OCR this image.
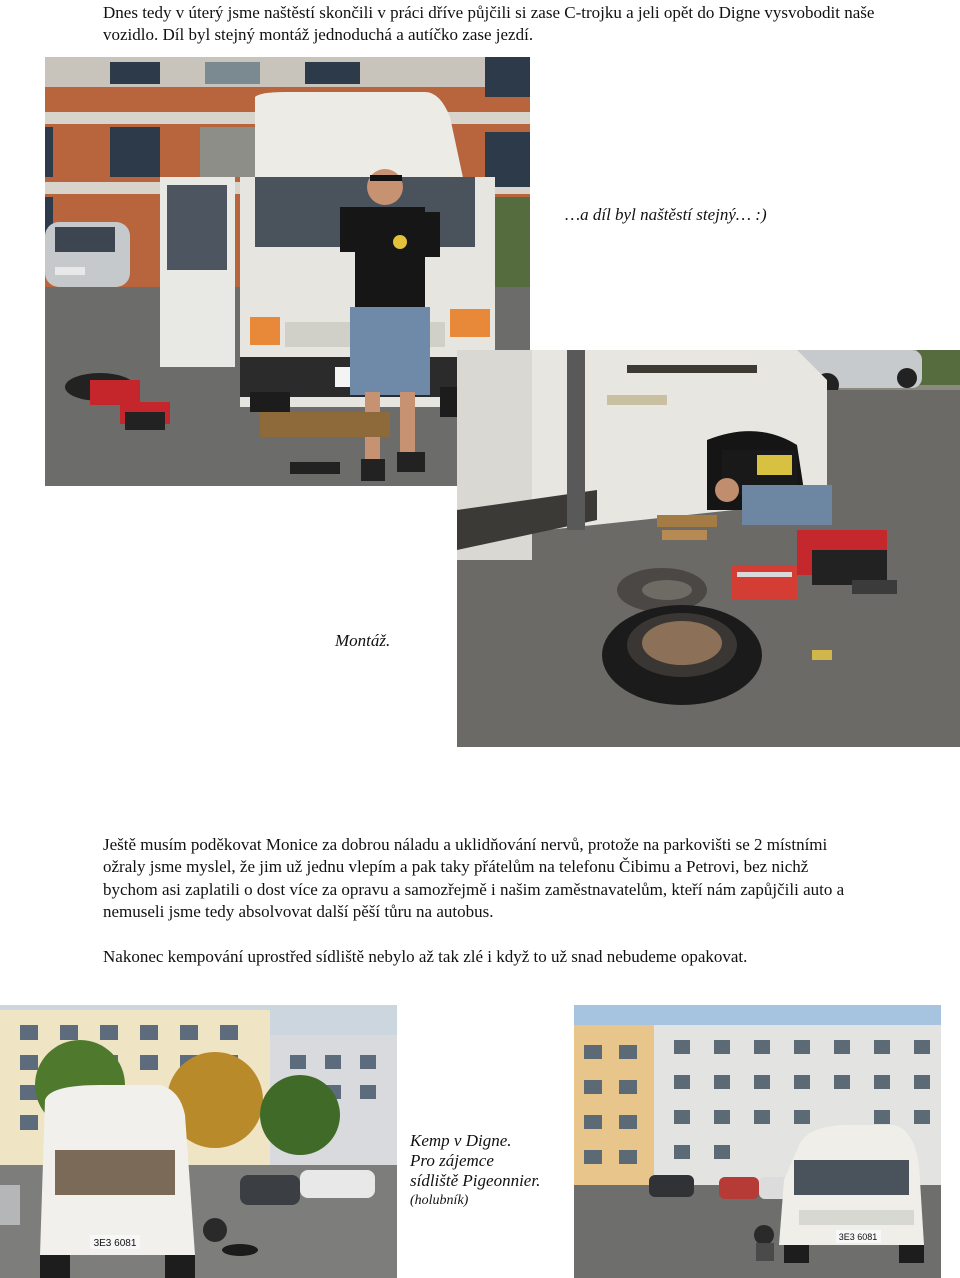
Dnes tedy v úterý jsme naštěstí skončili v práci dříve půjčili si zase C-trojku a jeli opět do Digne vysvobodit naše vozidlo. Díl byl stejný montáž jednoduchá a autíčko zase jezdí.

…a díl byl naštěstí stejný… :)
Montáž.

Ještě musím poděkovat Monice za dobrou náladu a uklidňování nervů, protože na parkovišti se 2 místními ožraly jsme myslel, že jim už jednu vlepím a pak taky přátelům na telefonu Čibimu a Petrovi, bez nichž bychom asi zaplatili o dost více za opravu a samozřejmě i našim zaměstnavatelům, kteří nám zapůjčili auto a nemuseli jsme tedy absolvovat další pěší tůru na autobus.

Nakonec kempování uprostřed sídliště nebylo až tak zlé i když to už snad nebudeme opakovat.

3E3 6081
Kemp v Digne.
Pro zájemce
sídliště Pigeonnier.
(holubník)
3E3 6081
